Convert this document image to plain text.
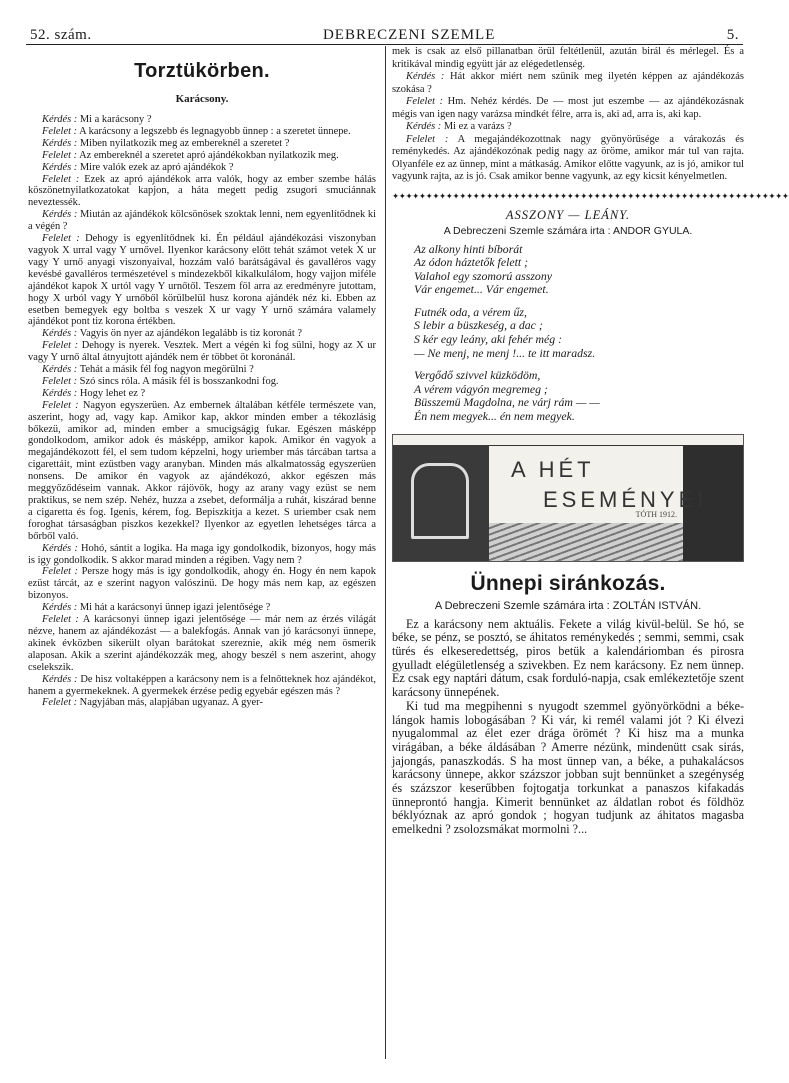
52. szám.	DEBRECZENI SZEMLE	5.
Torztükörben.
Karácsony.

Kérdés : Mi a karácsony ?

Felelet : A karácsony a legszebb és legnagyobb ünnep : a szeretet ünnepe.

Kérdés : Miben nyilatkozik meg az embereknél a szeretet ?

Felelet : Az embereknél a szeretet apró ajándékokban nyilatkozik meg.

Kérdés : Mire valók ezek az apró ajándékok ?

Felelet : Ezek az apró ajándékok arra valók, hogy az ember szembe hálás köszönetnyilatkozatokat kapjon, a háta megett pedig zsugori smuciánnak neveztessék.

Kérdés : Miután az ajándékok kölcsönösek szoktak lenni, nem egyenlítődnek ki a végén ?

Felelet : Dehogy is egyenlítődnek ki. Én például ajándékozási viszonyban vagyok X urral vagy Y urnővel. Ilyenkor karácsony előtt tehát számot vetek X ur vagy Y urnő anyagi viszonyaival, hozzám való barátságával és gavalléros vagy kevésbé gavalléros természetével s mindezekből kikalkulálom, hogy vajjon miféle ajándékot kapok X urtól vagy Y urnőtől. Teszem föl arra az eredményre jutottam, hogy X urból vagy Y urnőből körülbelül husz korona ajándék néz ki. Ebben az esetben bemegyek egy boltba s veszek X ur vagy Y urnő számára valamely ajándékot pont tiz korona értékben.

Kérdés : Vagyis ön nyer az ajándékon legalább is tiz koronát ?

Felelet : Dehogy is nyerek. Vesztek. Mert a végén ki fog sülni, hogy az X ur vagy Y urnő által átnyujtott ajándék nem ér többet öt koronánál.

Kérdés : Tehát a másik fél fog nagyon megörülni ?

Felelet : Szó sincs róla. A másik fél is bosszankodni fog.

Kérdés : Hogy lehet ez ?

Felelet : Nagyon egyszerüen. Az embernek általában kétféle természete van, aszerint, hogy ad, vagy kap. Amikor kap, akkor minden ember a tékozlásig bőkezü, amikor ad, minden ember a smucigságig fukar. Egészen másképp gondolkodom, amikor adok és másképp, amikor kapok. Amikor én vagyok a megajándékozott fél, el sem tudom képzelni, hogy uriember más tárcában tartsa a cigarettáit, mint ezüstben vagy aranyban. Minden más alkalmatosság egyszerüen nonsens. De amikor én vagyok az ajándékozó, akkor egészen más meggyőződéseim vannak. Akkor rájövök, hogy az arany vagy ezüst se nem praktikus, se nem szép. Nehéz, huzza a zsebet, deformálja a ruhát, kiszárad benne a cigaretta és fog. Igenis, kérem, fog. Bepiszkitja a kezet. S uriember csak nem foroghat társaságban piszkos kezekkel? Ilyenkor az egyetlen lehetséges tárca a bőrből való.

Kérdés : Hohó, sántit a logika. Ha maga igy gondolkodik, bizonyos, hogy más is igy gondolkodik. S akkor marad minden a régiben. Vagy nem ?

Felelet : Persze hogy más is igy gondolkodik, ahogy én. Hogy én nem kapok ezüst tárcát, az e szerint nagyon valószinü. De hogy más nem kap, az egészen bizonyos.

Kérdés : Mi hát a karácsonyi ünnep igazi jelentősége ?

Felelet : A karácsonyi ünnep igazi jelentősége — már nem az érzés világát nézve, hanem az ajándékozást — a balekfogás. Annak van jó karácsonyi ünnepe, akinek évközben sikerült olyan barátokat szereznie, akik még nem ösmerik alaposan. Akik a szerint ajándékozzák meg, ahogy beszél s nem aszerint, ahogy cselekszik.

Kérdés : De hisz voltaképpen a karácsony nem is a felnőtteknek hoz ajándékot, hanem a gyermekeknek. A gyermekek érzése pedig egyebár egészen más ?

Felelet : Nagyjában más, alapjában ugyanaz. A gyer-

mek is csak az első pillanatban örül feltétlenül, azután birál és mérlegel. És a kritikával mindig együtt jár az elégedetlenség.

Kérdés : Hát akkor miért nem szünik meg ilyetén képpen az ajándékozás szokása ?

Felelet : Hm. Nehéz kérdés. De — most jut eszembe — az ajándékozásnak mégis van igen nagy varázsa mindkét félre, arra is, aki ad, arra is, aki kap.

Kérdés : Mi ez a varázs ?

Felelet : A megajándékozottnak nagy gyönyörűsége a várakozás és reménykedés. Az ajándékozónak pedig nagy az öröme, amikor már tul van rajta. Olyanféle ez az ünnep, mint a mátkaság. Amikor előtte vagyunk, az is jó, amikor tul vagyunk rajta, az is jó. Csak amikor benne vagyunk, az egy kicsit kényelmetlen.

✦✦✦✦✦✦✦✦✦✦✦✦✦✦✦✦✦✦✦✦✦✦✦✦✦✦✦✦✦✦✦✦✦✦✦✦✦✦✦✦✦✦✦✦✦✦✦✦✦✦✦✦✦✦✦✦✦✦✦
ASSZONY — LEÁNY.
A Debreczeni Szemle számára irta : ANDOR GYULA.
Az alkony hinti bíborát
Az ódon háztetők felett ;
Valahol egy szomorú asszony
Vár engemet... Vár engemet.
Futnék oda, a vérem űz,
S lebir a büszkeség, a dac ;
S kér egy leány, aki fehér még :
— Ne menj, ne menj !... te itt maradsz.
Vergődő szivvel küzködöm,
A vérem vágyón megremeg ;
Büsszemü Magdolna, ne várj rám — —
Én nem megyek... én nem megyek.
A HÉT
ESEMÉNYEI
TÓTH 1912.
Ünnepi siránkozás.
A Debreczeni Szemle számára irta : ZOLTÁN ISTVÁN.

Ez a karácsony nem aktuális. Fekete a világ kivül-belül. Se hó, se béke, se pénz, se posztó, se áhitatos reménykedés ; semmi, semmi, csak türés és elkeseredettség, piros betük a kalendáriomban és pirosra gyulladt elégületlenség a szivekben. Ez nem karácsony. Ez nem ünnep. Ez csak egy naptári dátum, csak forduló-napja, csak emlékeztetője szent karácsony ünnepének.

Ki tud ma megpihenni s nyugodt szemmel gyönyörködni a béke-lángok hamis lobogásában ? Ki vár, ki remél valami jót ? Ki élvezi nyugalommal az élet ezer drága örömét ? Ki hisz ma a munka virágában, a béke áldásában ? Amerre nézünk, mindenütt csak sirás, jajongás, panaszkodás. S ha most ünnep van, a béke, a puhakalácsos karácsony ünnepe, akkor százszor jobban sujt bennünket a szegénység és százszor keserűbben fojtogatja torkunkat a panaszos kifakadás ünneprontó hangja. Kimerit bennünket az áldatlan robot és földhöz béklyóznak az apró gondok ; hogyan tudjunk az áhitatos magasba emelkedni ? zsolozsmákat mormolni ?...
